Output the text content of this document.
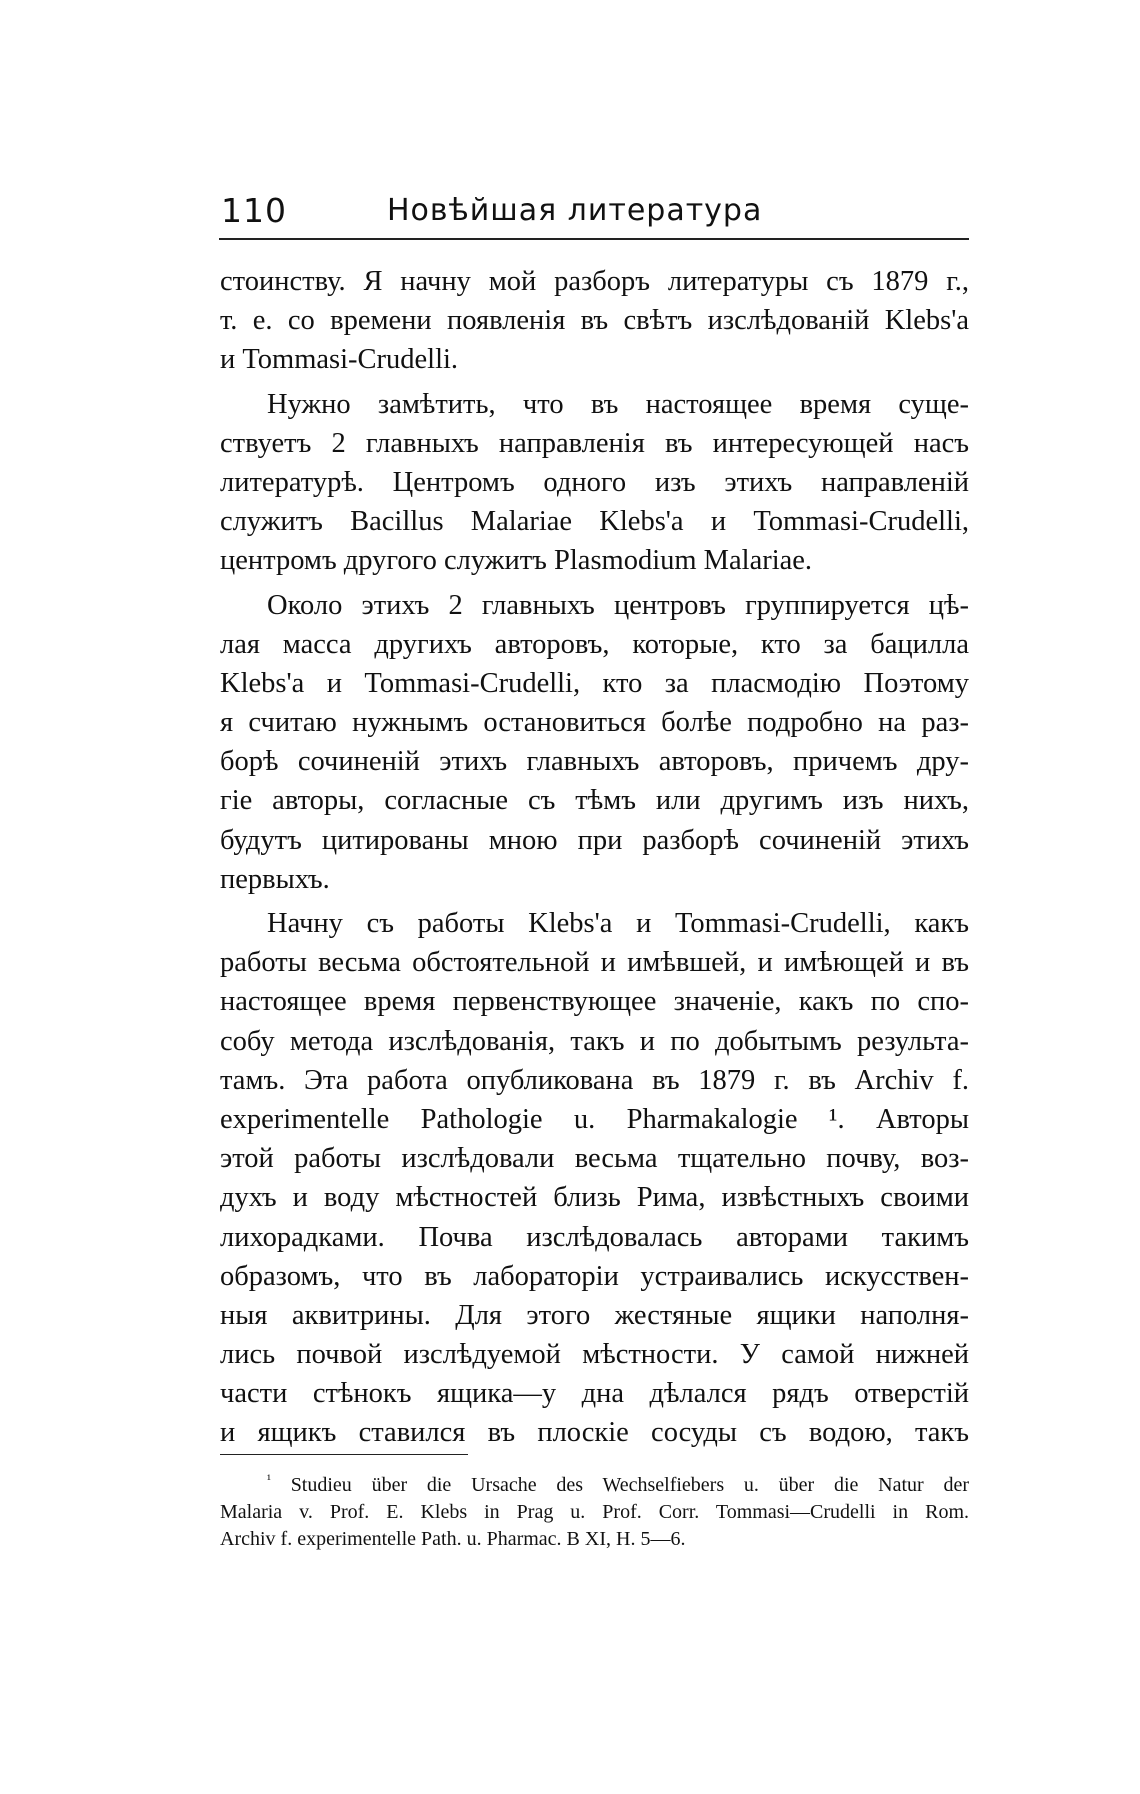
110	Новѣйшая литература
стоинству. Я начну мой разборъ литературы съ 1879 г.,
т. е. со времени появленія въ свѣтъ изслѣдованій Klebs'a
и Tommasi-Crudelli.
Нужно замѣтить, что въ настоящее время суще-
ствуетъ 2 главныхъ направленія въ интересующей насъ
литературѣ. Центромъ одного изъ этихъ направленій
служитъ Bacillus Malariae Klebs'a и Tommasi-Crudelli,
центромъ другого служитъ Plasmodium Malariae.
Около этихъ 2 главныхъ центровъ группируется цѣ-
лая масса другихъ авторовъ, которые, кто за бацилла
Klebs'a и Tommasi-Crudelli, кто за пласмодію Поэтому
я считаю нужнымъ остановиться болѣе подробно на раз-
борѣ сочиненій этихъ главныхъ авторовъ, причемъ дру-
гіе авторы, согласные съ тѣмъ или другимъ изъ нихъ,
будутъ цитированы мною при разборѣ сочиненій этихъ
первыхъ.
Начну съ работы Klebs'a и Tommasi-Crudelli, какъ
работы весьма обстоятельной и имѣвшей, и имѣющей и въ
настоящее время первенствующее значеніе, какъ по спо-
собу метода изслѣдованія, такъ и по добытымъ результа-
тамъ. Эта работа опубликована въ 1879 г. въ Archiv f.
experimentelle Pathologie u. Pharmakalogie ¹. Авторы
этой работы изслѣдовали весьма тщательно почву, воз-
духъ и воду мѣстностей близь Рима, извѣстныхъ своими
лихорадками. Почва изслѣдовалась авторами такимъ
образомъ, что въ лабораторіи устраивались искусствен-
ныя аквитрины. Для этого жестяные ящики наполня-
лись почвой изслѣдуемой мѣстности. У самой нижней
части стѣнокъ ящика—у дна дѣлался рядъ отверстій
и ящикъ ставился въ плоскіе сосуды съ водою, такъ
$^{^1}$ Studieu über die Ursache des Wechselfiebers u. über die Natur der
Malaria v. Prof. E. Klebs in Prag u. Prof. Corr. Tommasi—Crudelli in Rom.
Archiv f. experimentelle Path. u. Pharmac. B XI, H. 5—6.
